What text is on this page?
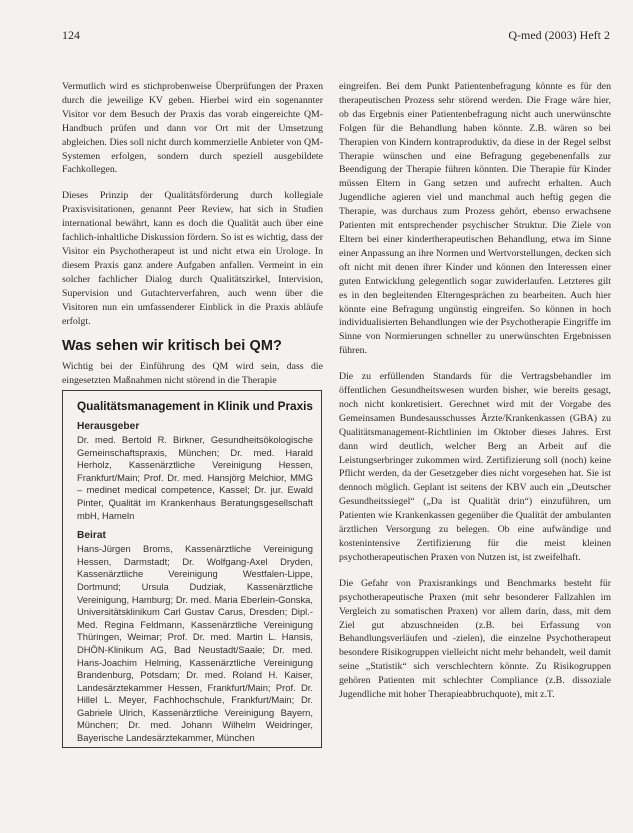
124	Q-med (2003) Heft 2

Vermutlich wird es stichprobenweise Überprüfungen der Praxen durch die jeweilige KV geben. Hierbei wird ein sogenannter Visitor vor dem Besuch der Praxis das vorab eingereichte QM-Handbuch prüfen und dann vor Ort mit der Umsetzung abgleichen. Dies soll nicht durch kommerzielle Anbieter von QM-Systemen erfolgen, sondern durch speziell ausgebildete Fachkollegen.

Dieses Prinzip der Qualitätsförderung durch kollegiale Praxisvisitationen, genannt Peer Review, hat sich in Studien international bewährt, kann es doch die Qualität auch über eine fachlich-inhaltliche Diskussion fördern. So ist es wichtig, dass der Visitor ein Psychotherapeut ist und nicht etwa ein Urologe. In diesem Praxis ganz andere Aufgaben anfallen. Vermeint in ein solcher fachlicher Dialog durch Qualitätszirkel, Intervision, Supervision und Gutachterverfahren, auch wenn über die Visitoren nun ein umfassenderer Einblick in die Praxis abläufe erfolgt.

Was sehen wir kritisch bei QM?

Wichtig bei der Einführung des QM wird sein, dass die eingesetzten Maßnahmen nicht störend in die Therapie

Qualitätsmanagement in Klinik und Praxis
Herausgeber

Dr. med. Bertold R. Birkner, Gesundheitsökologische Gemeinschaftspraxis, München; Dr. med. Harald Herholz, Kassenärztliche Vereinigung Hessen, Frankfurt/Main; Prof. Dr. med. Hansjörg Melchior, MMG – medinet medical competence, Kassel; Dr. jur. Ewald Pinter, Qualität im Krankenhaus Beratungsgesellschaft mbH, Hameln

Beirat

Hans-Jürgen Broms, Kassenärztliche Vereinigung Hessen, Darmstadt; Dr. Wolfgang-Axel Dryden, Kassenärztliche Vereinigung Westfalen-Lippe, Dortmund; Ursula Dudziak, Kassenärztliche Vereinigung, Hamburg; Dr. med. Maria Eberlein-Gonska, Universitätsklinikum Carl Gustav Carus, Dresden; Dipl.-Med. Regina Feldmann, Kassenärztliche Vereinigung Thüringen, Weimar; Prof. Dr. med. Martin L. Hansis, DHÖN-Klinikum AG, Bad Neustadt/Saale; Dr. med. Hans-Joachim Helming, Kassenärztliche Vereinigung Brandenburg, Potsdam; Dr. med. Roland H. Kaiser, Landesärztekammer Hessen, Frankfurt/Main; Prof. Dr. Hillel L. Meyer, Fachhochschule, Frankfurt/Main; Dr. Gabriele Ulrich, Kassenärztliche Vereinigung Bayern, München; Dr. med. Johann Wilhelm Weidringer, Bayerische Landesärztekammer, München

eingreifen. Bei dem Punkt Patientenbefragung könnte es für den therapeutischen Prozess sehr störend werden. Die Frage wäre hier, ob das Ergebnis einer Patientenbefragung nicht auch unerwünschte Folgen für die Behandlung haben könnte. Z.B. wären so bei Therapien von Kindern kontraproduktiv, da diese in der Regel selbst Therapie wünschen und eine Befragung gegebenenfalls zur Beendigung der Therapie führen könnten. Die Therapie für Kinder müssen Eltern in Gang setzen und aufrecht erhalten. Auch Jugendliche agieren viel und manchmal auch heftig gegen die Therapie, was durchaus zum Prozess gehört, ebenso erwachsene Patienten mit entsprechender psychischer Struktur. Die Ziele von Eltern bei einer kindertherapeutischen Behandlung, etwa im Sinne einer Anpassung an ihre Normen und Wertvorstellungen, decken sich oft nicht mit denen ihrer Kinder und können den Interessen einer guten Entwicklung gelegentlich sogar zuwiderlaufen. Letzteres gilt es in den begleitenden Elterngesprächen zu bearbeiten. Auch hier könnte eine Befragung ungünstig eingreifen. So können in hoch individualisierten Behandlungen wie der Psychotherapie Eingriffe im Sinne von Normierungen schneller zu unerwünschten Ergebnissen führen.

Die zu erfüllenden Standards für die Vertragsbehandler im öffentlichen Gesundheitswesen wurden bisher, wie bereits gesagt, noch nicht konkretisiert. Gerechnet wird mit der Vorgabe des Gemeinsamen Bundesausschusses Ärzte/Krankenkassen (GBA) zu Qualitätsmanagement-Richtlinien im Oktober dieses Jahres. Erst dann wird deutlich, welcher Berg an Arbeit auf die Leistungserbringer zukommen wird. Zertifizierung soll (noch) keine Pflicht werden, da der Gesetzgeber dies nicht vorgesehen hat. Sie ist dennoch möglich. Geplant ist seitens der KBV auch ein „Deutscher Gesundheitssiegel“ („Da ist Qualität drin“) einzuführen, um Patienten wie Krankenkassen gegenüber die Qualität der ambulanten ärztlichen Versorgung zu belegen. Ob eine aufwändige und kostenintensive Zertifizierung für die meist kleinen psychotherapeutischen Praxen von Nutzen ist, ist zweifelhaft.

Die Gefahr von Praxisrankings und Benchmarks besteht für psychotherapeutische Praxen (mit sehr besonderer Fallzahlen im Vergleich zu somatischen Praxen) vor allem darin, dass, mit dem Ziel gut abzuschneiden (z.B. bei Erfassung von Behandlungsverläufen und -zielen), die einzelne Psychotherapeut besondere Risikogruppen vielleicht nicht mehr behandelt, weil damit seine „Statistik“ sich verschlechtern könnte. Zu Risikogruppen gehören Patienten mit schlechter Compliance (z.B. dissoziale Jugendliche mit hoher Therapieabbruchquote), mit z.T.
